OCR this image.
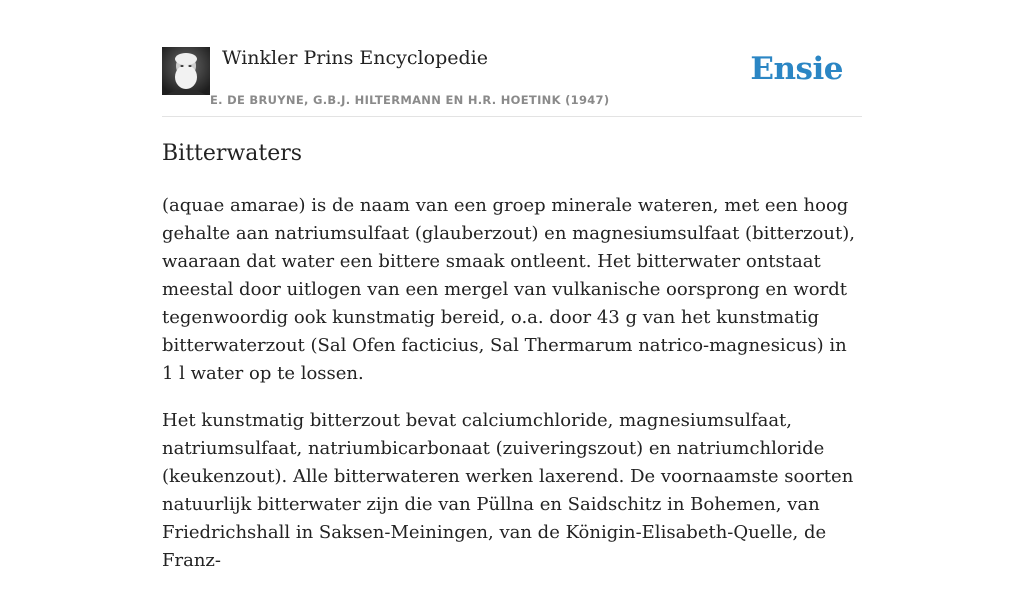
Winkler Prins Encyclopedie
E. DE BRUYNE, G.B.J. HILTERMANN EN H.R. HOETINK (1947)
Ensie
Bitterwaters

(aquae amarae) is de naam van een groep minerale wateren, met een hoog gehalte aan natriumsulfaat (glauberzout) en magnesiumsulfaat (bitterzout), waaraan dat water een bittere smaak ontleent. Het bitterwater ontstaat meestal door uitlogen van een mergel van vulkanische oorsprong en wordt tegenwoordig ook kunstmatig bereid, o.a. door 43 g van het kunstmatig bitterwaterzout (Sal Ofen facticius, Sal Thermarum natrico-magnesicus) in 1 l water op te lossen.

Het kunstmatig bitterzout bevat calciumchloride, magnesiumsulfaat, natriumsulfaat, natriumbicarbonaat (zuiveringszout) en natriumchloride (keukenzout). Alle bitterwateren werken laxerend. De voornaamste soorten natuurlijk bitterwater zijn die van Püllna en Saidschitz in Bohemen, van Friedrichshall in Saksen-Meiningen, van de Königin-Elisabeth-Quelle, de Franz-
